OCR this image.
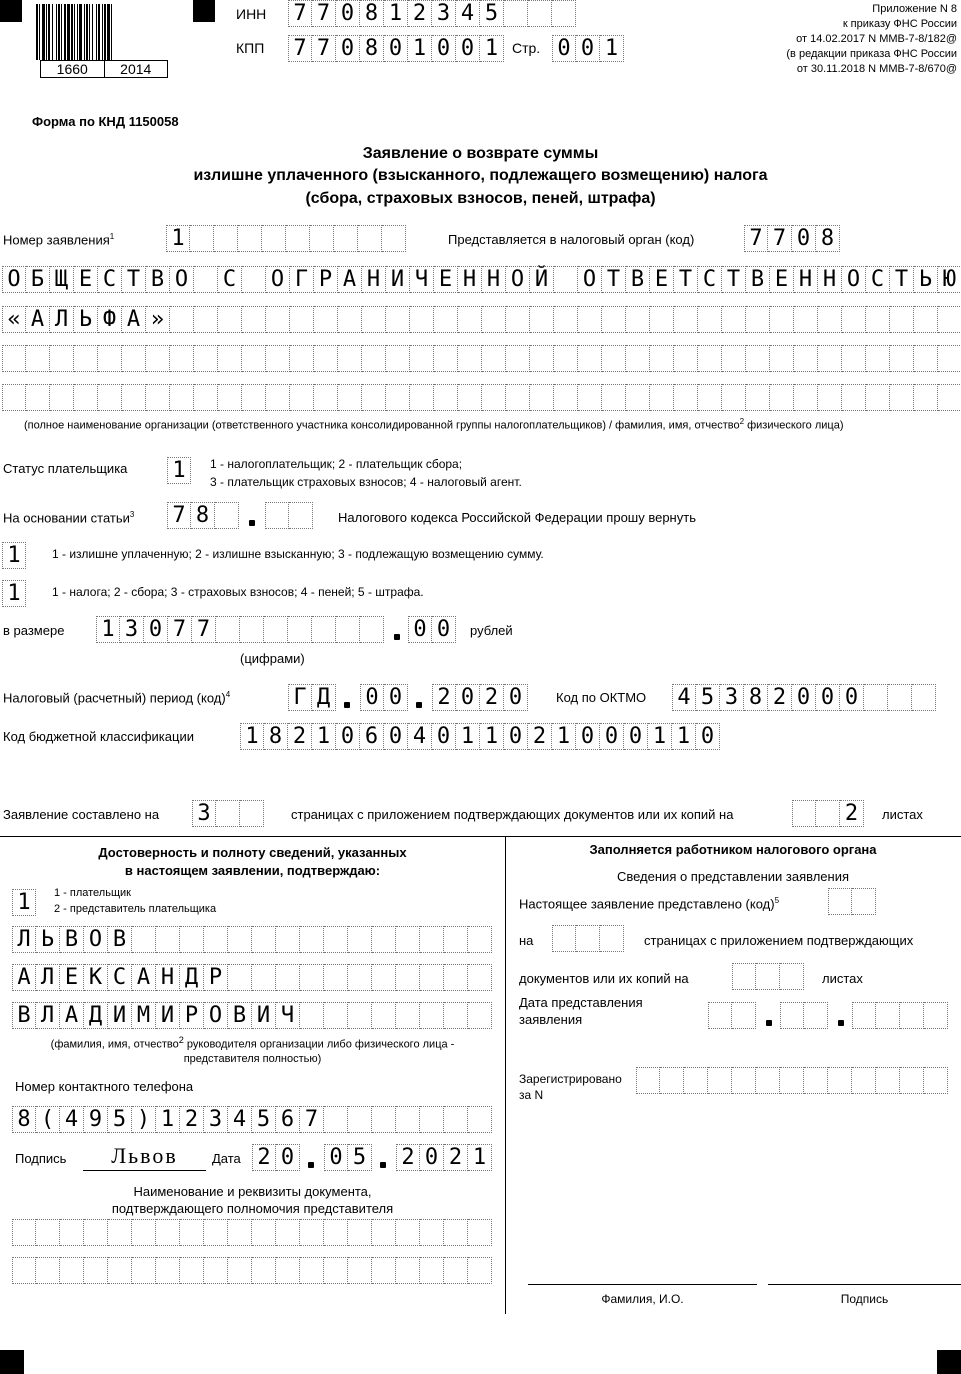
1660	2014
ИНН 7 7 0 8 1 2 3 4 5
КПП 7 7 0 8 0 1 0 0 1 Стр. 0 0 1
Приложение N 8
к приказу ФНС России
от 14.02.2017 N ММВ-7-8/182@
(в редакции приказа ФНС России
от 30.11.2018 N ММВ-7-8/670@
Форма по КНД 1150058
Заявление о возврате суммы
излишне уплаченного (взысканного, подлежащего возмещению) налога
(сбора, страховых взносов, пеней, штрафа)
Номер заявления$^1$	1	Представляется в налоговый орган (код)	7 7 0 8
О Б Щ Е С Т В О С О Г Р А Н И Ч Е Н Н О Й О Т В Е Т С Т В Е Н Н О С Т Ь Ю
« А Л Ь Ф А »
(полное наименование организации (ответственного участника консолидированной группы налогоплательщиков) / фамилия, имя, отчество$^2$ физического лица)
Статус плательщика 1	1 - налогоплательщик; 2 - плательщик сбора;
3 - плательщик страховых взносов; 4 - налоговый агент.
На основании статьи$^3$ 7 8	Налогового кодекса Российской Федерации прошу вернуть
1	1 - излишне уплаченную; 2 - излишне взысканную; 3 - подлежащую возмещению сумму.
1	1 - налога; 2 - сбора; 3 - страховых взносов; 4 - пеней; 5 - штрафа.
в размере 1 3 0 7 7	0 0	рублей
(цифрами)
Налоговый (расчетный) период (код)$^4$	Г Д 0 0 2 0 2 0	Код по ОКТМО 4 5 3 8 2 0 0 0
Код бюджетной классификации 1 8 2 1 0 6 0 4 0 1 1 0 2 1 0 0 0 1 1 0
Заявление составлено на 3	страницах с приложением подтверждающих документов или их копий на	2	листах
Достоверность и полноту сведений, указанных
в настоящем заявлении, подтверждаю:
1	1 - плательщик
2 - представитель плательщика
Л Ь В О В
А Л Е К С А Н Д Р
В Л А Д И М И Р О В И Ч
(фамилия, имя, отчество$^2$ руководителя организации либо физического лица -
представителя полностью)
Номер контактного телефона
8 ( 4 9 5 ) 1 2 3 4 5 6 7
Подпись	Львов	Дата 2 0 0 5 2 0 2 1
Наименование и реквизиты документа,
подтверждающего полномочия представителя
Заполняется работником налогового органа
Сведения о представлении заявления
Настоящее заявление представлено (код)$^5$
на	страницах с приложением подтверждающих
документов или их копий на	листах
Дата представления
заявления
Зарегистрировано
за N
Фамилия, И.О.	Подпись
